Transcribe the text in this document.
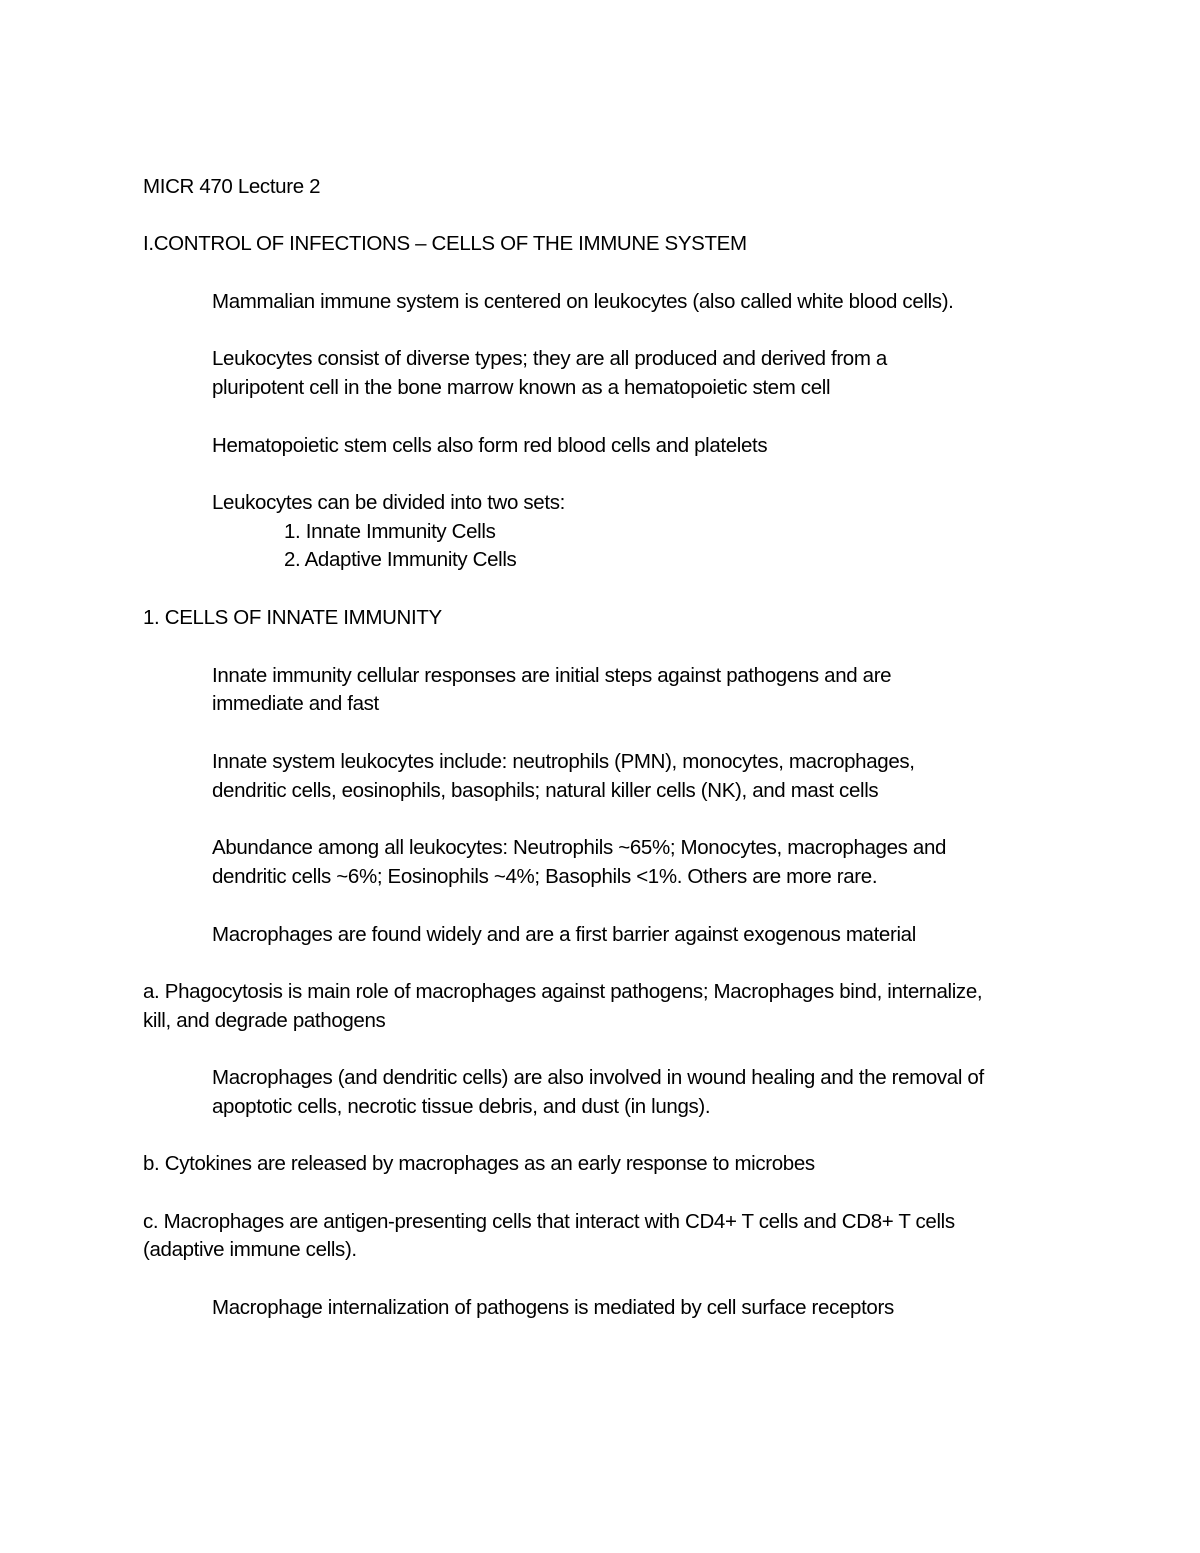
MICR 470 Lecture 2
I.CONTROL OF INFECTIONS – CELLS OF THE IMMUNE SYSTEM
Mammalian immune system is centered on leukocytes (also called white blood cells).
Leukocytes consist of diverse types; they are all produced and derived from a
pluripotent cell in the bone marrow known as a hematopoietic stem cell
Hematopoietic stem cells also form red blood cells and platelets
Leukocytes can be divided into two sets:
1. Innate Immunity Cells
2. Adaptive Immunity Cells
1. CELLS OF INNATE IMMUNITY
Innate immunity cellular responses are initial steps against pathogens and are
immediate and fast
Innate system leukocytes include: neutrophils (PMN), monocytes, macrophages,
dendritic cells, eosinophils, basophils; natural killer cells (NK), and mast cells
Abundance among all leukocytes: Neutrophils ~65%; Monocytes, macrophages and
dendritic cells ~6%; Eosinophils ~4%; Basophils <1%. Others are more rare.
Macrophages are found widely and are a first barrier against exogenous material
a. Phagocytosis is main role of macrophages against pathogens; Macrophages bind, internalize,
kill, and degrade pathogens
Macrophages (and dendritic cells) are also involved in wound healing and the removal of
apoptotic cells, necrotic tissue debris, and dust (in lungs).
b. Cytokines are released by macrophages as an early response to microbes
c. Macrophages are antigen-presenting cells that interact with CD4+ T cells and CD8+ T cells
(adaptive immune cells).
Macrophage internalization of pathogens is mediated by cell surface receptors
